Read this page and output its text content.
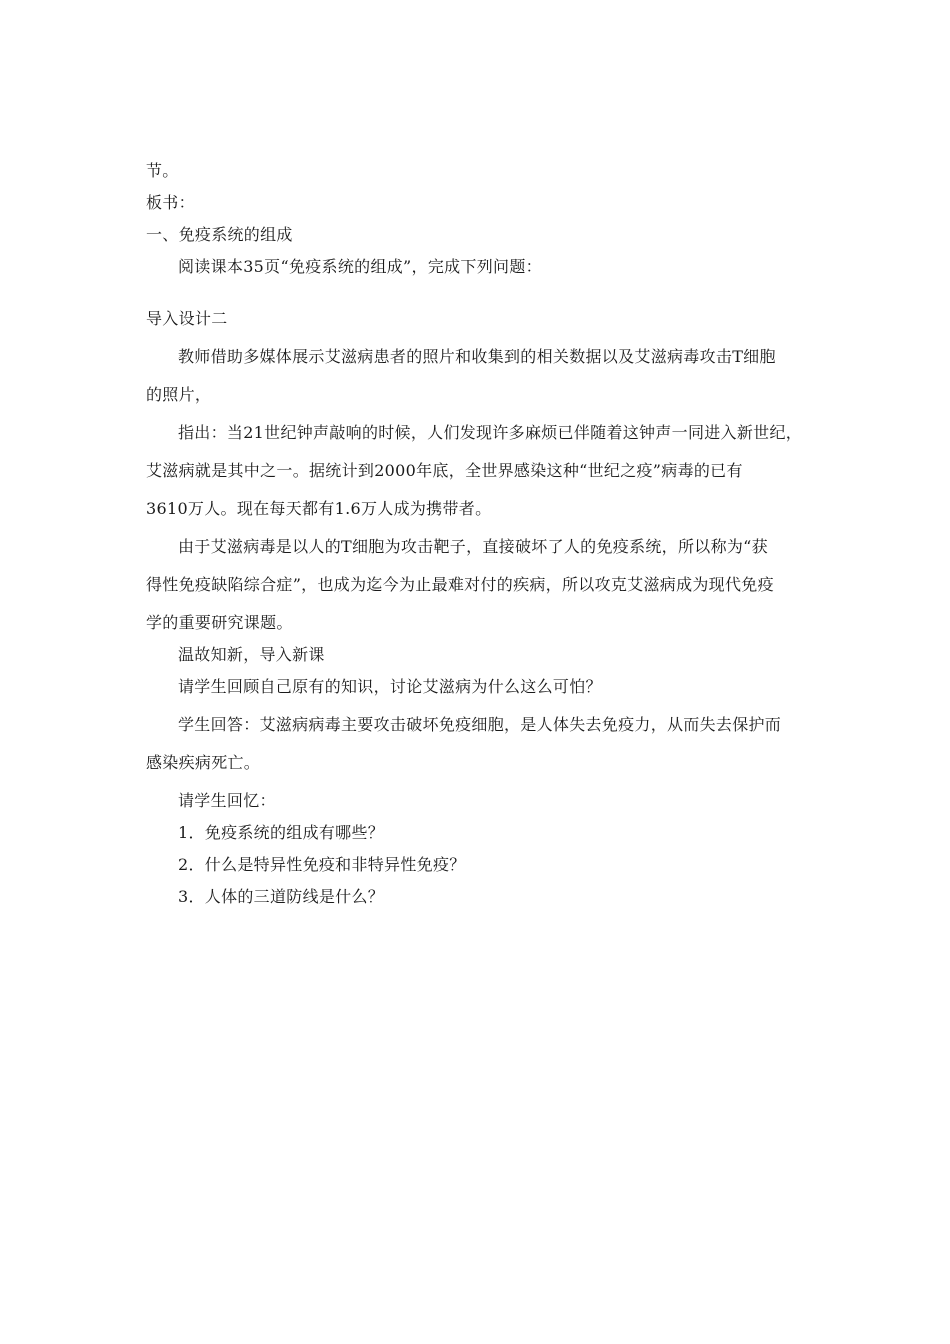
节。

板书：

一、免疫系统的组成

阅读课本35页“免疫系统的组成”，完成下列问题：

导入设计二

教师借助多媒体展示艾滋病患者的照片和收集到的相关数据以及艾滋病毒攻击T细胞

的照片，

指出：当21世纪钟声敲响的时候，人们发现许多麻烦已伴随着这钟声一同进入新世纪，

艾滋病就是其中之一。据统计到2000年底，全世界感染这种“世纪之疫”病毒的已有

3610万人。现在每天都有1.6万人成为携带者。

由于艾滋病毒是以人的T细胞为攻击靶子，直接破坏了人的免疫系统，所以称为“获

得性免疫缺陷综合症”，也成为迄今为止最难对付的疾病，所以攻克艾滋病成为现代免疫

学的重要研究课题。

温故知新，导入新课

请学生回顾自己原有的知识，讨论艾滋病为什么这么可怕？

学生回答：艾滋病病毒主要攻击破坏免疫细胞，是人体失去免疫力，从而失去保护而

感染疾病死亡。

请学生回忆：

1．免疫系统的组成有哪些？

2．什么是特异性免疫和非特异性免疫？

3．人体的三道防线是什么？
